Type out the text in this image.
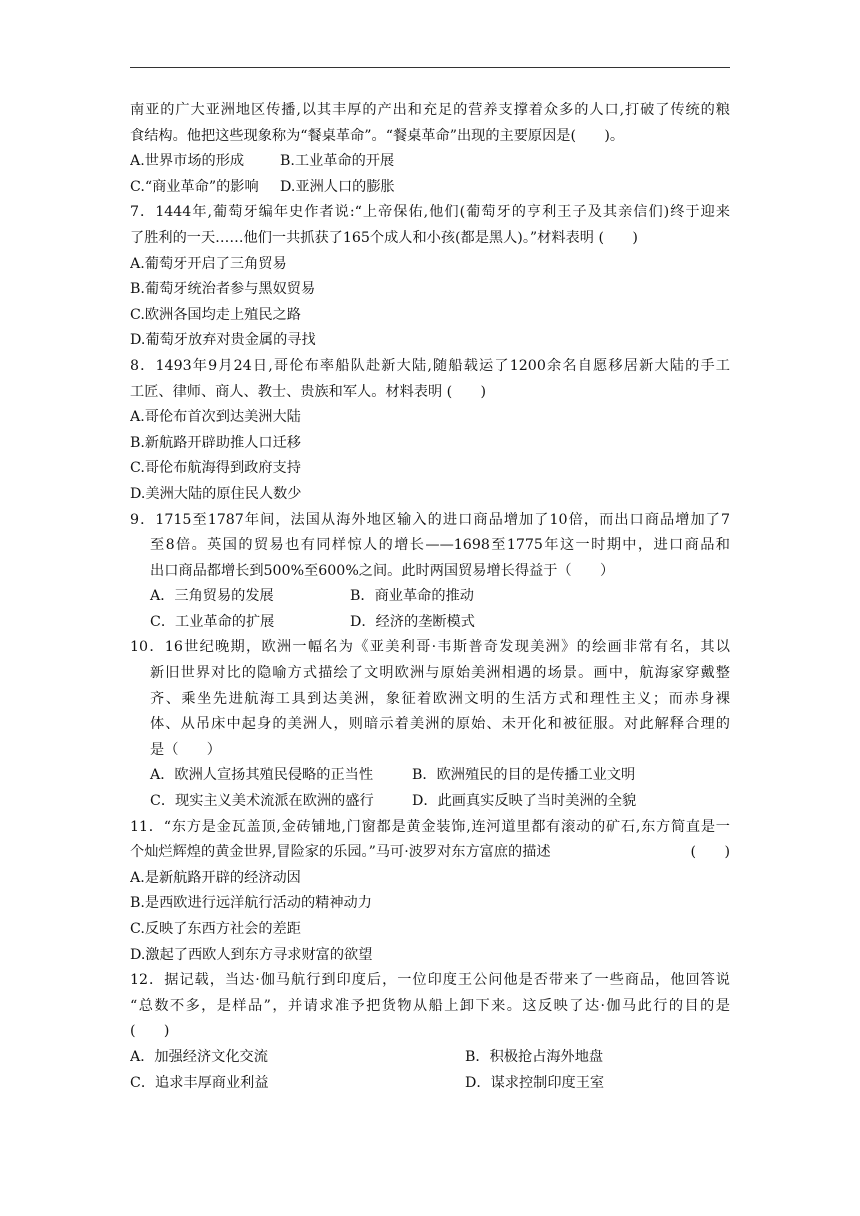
南亚的广大亚洲地区传播,以其丰厚的产出和充足的营养支撑着众多的人口,打破了传统的粮
食结构。他把这些现象称为“餐桌革命”。“餐桌革命”出现的主要原因是(　　)。
A.世界市场的形成	B.工业革命的开展
C.“商业革命”的影响 D.亚洲人口的膨胀
7．1444年,葡萄牙编年史作者说:“上帝保佑,他们(葡萄牙的亨利王子及其亲信们)终于迎来
了胜利的一天……他们一共抓获了165个成人和小孩(都是黑人)。”材料表明 (　　)
A.葡萄牙开启了三角贸易
B.葡萄牙统治者参与黑奴贸易
C.欧洲各国均走上殖民之路
D.葡萄牙放弃对贵金属的寻找
8．1493年9月24日,哥伦布率船队赴新大陆,随船载运了1200余名自愿移居新大陆的手工
工匠、律师、商人、教士、贵族和军人。材料表明 (　　)
A.哥伦布首次到达美洲大陆
B.新航路开辟助推人口迁移
C.哥伦布航海得到政府支持
D.美洲大陆的原住民人数少
9．1715至1787年间，法国从海外地区输入的进口商品增加了10倍，而出口商品增加了7
至8倍。英国的贸易也有同样惊人的增长——1698至1775年这一时期中，进口商品和
出口商品都增长到500%至600%之间。此时两国贸易增长得益于（　　）
A．三角贸易的发展	B．商业革命的推动
C．工业革命的扩展	D．经济的垄断模式
10．16世纪晚期，欧洲一幅名为《亚美利哥·韦斯普奇发现美洲》的绘画非常有名，其以
新旧世界对比的隐喻方式描绘了文明欧洲与原始美洲相遇的场景。画中，航海家穿戴整
齐、乘坐先进航海工具到达美洲，象征着欧洲文明的生活方式和理性主义；而赤身裸
体、从吊床中起身的美洲人，则暗示着美洲的原始、未开化和被征服。对此解释合理的
是（　　）
A．欧洲人宣扬其殖民侵略的正当性	B．欧洲殖民的目的是传播工业文明
C．现实主义美术流派在欧洲的盛行	D．此画真实反映了当时美洲的全貌
11．“东方是金瓦盖顶,金砖铺地,门窗都是黄金装饰,连河道里都有滚动的矿石,东方简直是一
个灿烂辉煌的黄金世界,冒险家的乐园。”马可·波罗对东方富庶的描述	(　　)
A.是新航路开辟的经济动因
B.是西欧进行远洋航行活动的精神动力
C.反映了东西方社会的差距
D.激起了西欧人到东方寻求财富的欲望
12．据记载，当达·伽马航行到印度后，一位印度王公问他是否带来了一些商品，他回答说
“总数不多，是样品”，并请求准予把货物从船上卸下来。这反映了达·伽马此行的目的是
(　　)
A．加强经济文化交流	B．积极抢占海外地盘
C．追求丰厚商业利益	D．谋求控制印度王室
